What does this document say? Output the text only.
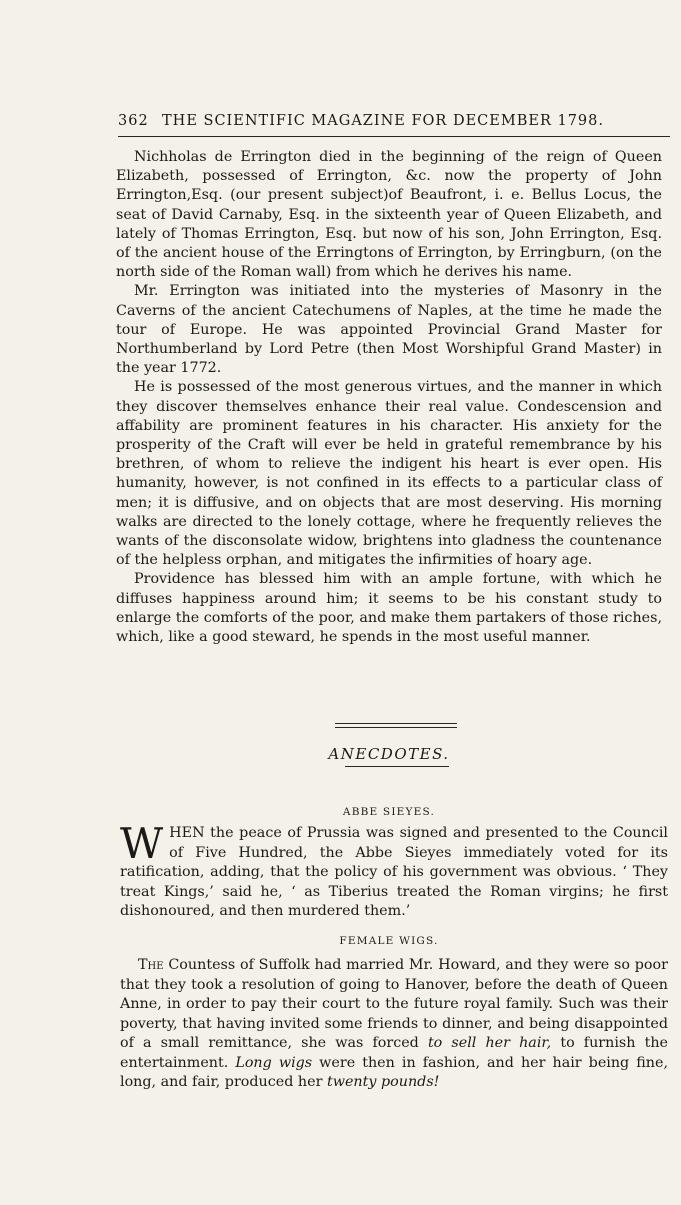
362 THE SCIENTIFIC MAGAZINE FOR DECEMBER 1798.

Nichholas de Errington died in the beginning of the reign of Queen Elizabeth, possessed of Errington, &c. now the property of John Errington,Esq. (our present subject)of Beaufront, i. e. Bellus Locus, the seat of David Carnaby, Esq. in the sixteenth year of Queen Elizabeth, and lately of Thomas Errington, Esq. but now of his son, John Errington, Esq. of the ancient house of the Erringtons of Errington, by Erringburn, (on the north side of the Roman wall) from which he derives his name.

Mr. Errington was initiated into the mysteries of Masonry in the Caverns of the ancient Catechumens of Naples, at the time he made the tour of Europe. He was appointed Provincial Grand Master for Northumberland by Lord Petre (then Most Worshipful Grand Master) in the year 1772.

He is possessed of the most generous virtues, and the manner in which they discover themselves enhance their real value. Condescension and affability are prominent features in his character. His anxiety for the prosperity of the Craft will ever be held in grateful remembrance by his brethren, of whom to relieve the indigent his heart is ever open. His humanity, however, is not confined in its effects to a particular class of men; it is diffusive, and on objects that are most deserving. His morning walks are directed to the lonely cottage, where he frequently relieves the wants of the disconsolate widow, brightens into gladness the countenance of the helpless orphan, and mitigates the infirmities of hoary age.

Providence has blessed him with an ample fortune, with which he diffuses happiness around him; it seems to be his constant study to enlarge the comforts of the poor, and make them partakers of those riches, which, like a good steward, he spends in the most useful manner.

ANECDOTES.
ABBE SIEYES.
W HEN the peace of Prussia was signed and presented to the Council of Five Hundred, the Abbe Sieyes immediately voted for its ratification, adding, that the policy of his government was obvious. ‘ They treat Kings,’ said he, ‘ as Tiberius treated the Roman virgins; he first dishonoured, and then murdered them.’
FEMALE WIGS.

The Countess of Suffolk had married Mr. Howard, and they were so poor that they took a resolution of going to Hanover, before the death of Queen Anne, in order to pay their court to the future royal family. Such was their poverty, that having invited some friends to dinner, and being disappointed of a small remittance, she was forced to sell her hair, to furnish the entertainment. Long wigs were then in fashion, and her hair being fine, long, and fair, produced her twenty pounds!
